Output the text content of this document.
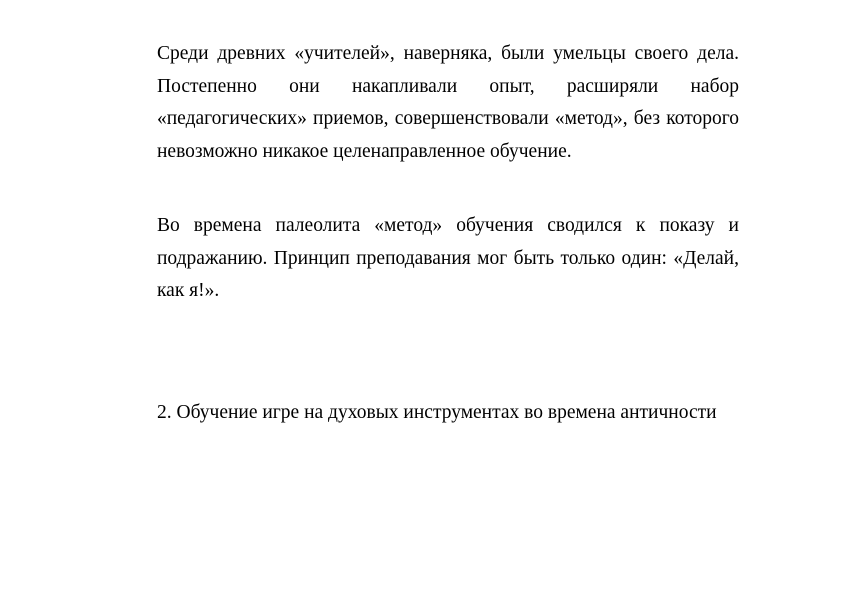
Среди древних «учителей», наверняка, были умельцы своего дела. Постепенно они накапливали опыт, расширяли набор «педагогических» приемов, совершенствовали «метод», без которого невозможно никакое целенаправленное обучение.

Во времена палеолита «метод» обучения сводился к показу и подражанию. Принцип преподавания мог быть только один: «Делай, как я!».

2. Обучение игре на духовых инструментах во времена античности
